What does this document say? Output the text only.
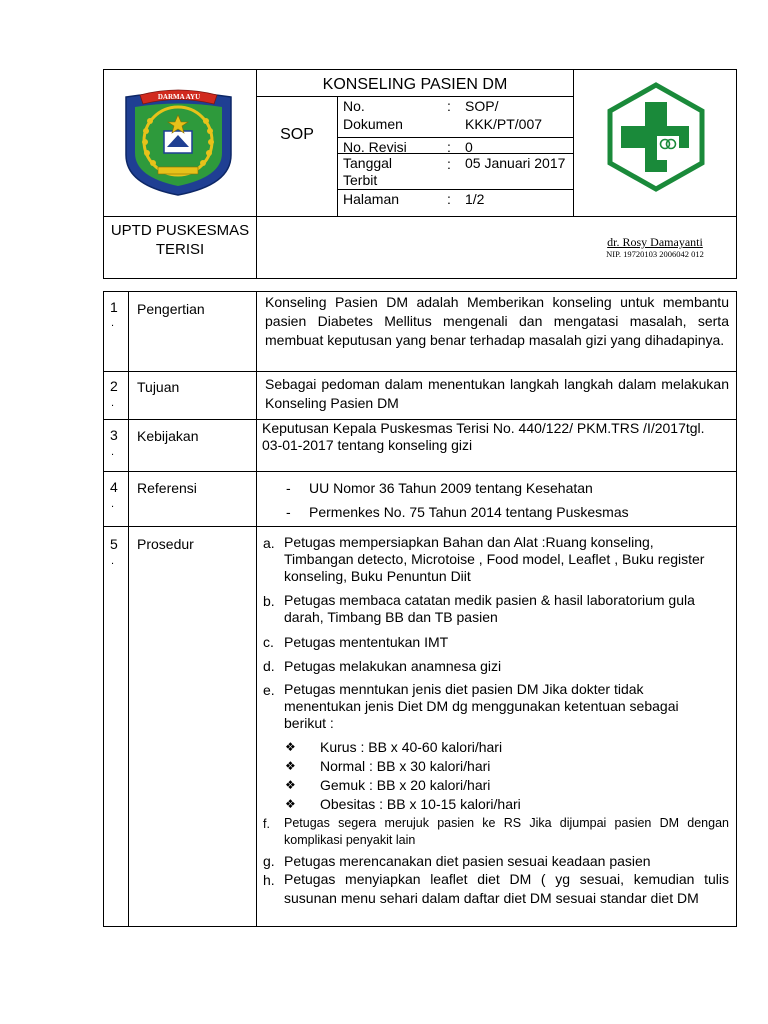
DARMA AYU
KONSELING PASIEN DM
SOP
No. Dokumen
: SOP/ KKK/PT/007
No. Revisi	: 0
Tanggal Terbit
: 05 Januari 2017
Halaman	: 1/2
UPTD PUSKESMAS TERISI	dr. Rosy Damayanti
NIP. 19720103 2006042 012
1
.
Pengertian	Konseling Pasien DM adalah Memberikan konseling untuk membantu pasien Diabetes Mellitus mengenali dan mengatasi masalah, serta membuat keputusan yang benar terhadap masalah gizi yang dihadapinya.
2
.
Tujuan	Sebagai pedoman dalam menentukan langkah langkah dalam melakukan Konseling Pasien DM
3
.
Kebijakan	Keputusan Kepala Puskesmas Terisi No. 440/122/ PKM.TRS /I/2017tgl. 03-01-2017 tentang konseling gizi
4
.
Referensi	- UU Nomor 36 Tahun 2009 tentang Kesehatan
- Permenkes No. 75 Tahun 2014 tentang Puskesmas
5
.
Prosedur	a. Petugas mempersiapkan Bahan dan Alat :Ruang konseling, Timbangan detecto, Microtoise , Food model, Leaflet , Buku register konseling, Buku Penuntun Diit
b. Petugas membaca catatan medik pasien & hasil laboratorium gula darah, Timbang BB dan TB pasien
c. Petugas mententukan IMT
d. Petugas melakukan anamnesa gizi
e. Petugas menntukan jenis diet pasien DM Jika dokter tidak menentukan jenis Diet DM dg menggunakan ketentuan sebagai berikut :
❖ Kurus : BB x 40-60 kalori/hari
❖ Normal : BB x 30 kalori/hari
❖ Gemuk : BB x 20 kalori/hari
❖ Obesitas : BB x 10-15 kalori/hari
f. Petugas segera merujuk pasien ke RS Jika dijumpai pasien DM dengan komplikasi penyakit lain
g. Petugas merencanakan diet pasien sesuai keadaan pasien
h. Petugas menyiapkan leaflet diet DM ( yg sesuai, kemudian tulis susunan menu sehari dalam daftar diet DM sesuai standar diet DM
